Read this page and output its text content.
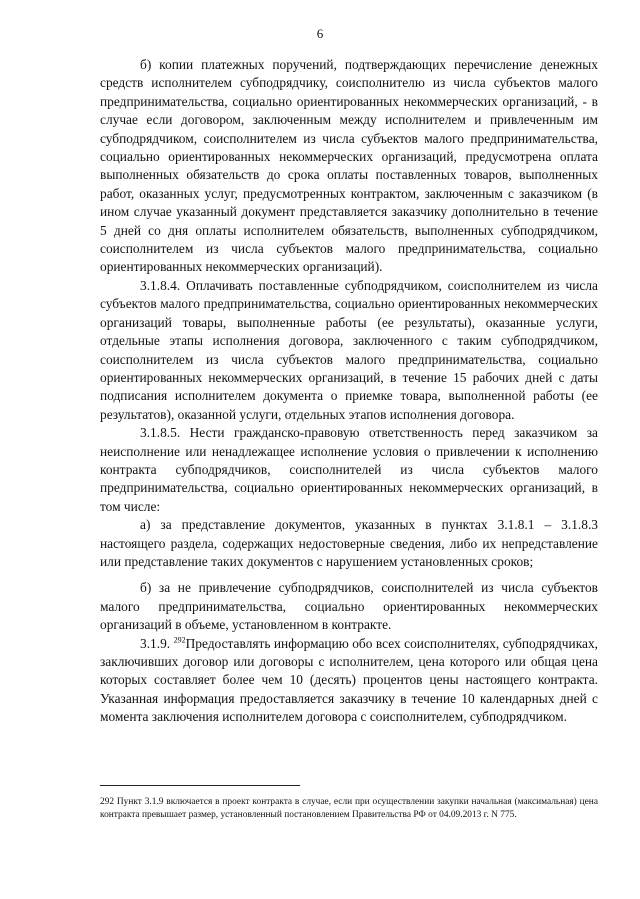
6

б) копии платежных поручений, подтверждающих перечисление денежных средств исполнителем субподрядчику, соисполнителю из числа субъектов малого предпринимательства, социально ориентированных некоммерческих организаций, - в случае если договором, заключенным между исполнителем и привлеченным им субподрядчиком, соисполнителем из числа субъектов малого предпринимательства, социально ориентированных некоммерческих организаций, предусмотрена оплата выполненных обязательств до срока оплаты поставленных товаров, выполненных работ, оказанных услуг, предусмотренных контрактом, заключенным с заказчиком (в ином случае указанный документ представляется заказчику дополнительно в течение 5 дней со дня оплаты исполнителем обязательств, выполненных субподрядчиком, соисполнителем из числа субъектов малого предпринимательства, социально ориентированных некоммерческих организаций).

3.1.8.4. Оплачивать поставленные субподрядчиком, соисполнителем из числа субъектов малого предпринимательства, социально ориентированных некоммерческих организаций товары, выполненные работы (ее результаты), оказанные услуги, отдельные этапы исполнения договора, заключенного с таким субподрядчиком, соисполнителем из числа субъектов малого предпринимательства, социально ориентированных некоммерческих организаций, в течение 15 рабочих дней с даты подписания исполнителем документа о приемке товара, выполненной работы (ее результатов), оказанной услуги, отдельных этапов исполнения договора.

3.1.8.5. Нести гражданско-правовую ответственность перед заказчиком за неисполнение или ненадлежащее исполнение условия о привлечении к исполнению контракта субподрядчиков, соисполнителей из числа субъектов малого предпринимательства, социально ориентированных некоммерческих организаций, в том числе:

а) за представление документов, указанных в пунктах 3.1.8.1 – 3.1.8.3 настоящего раздела, содержащих недостоверные сведения, либо их непредставление или представление таких документов с нарушением установленных сроков;

б) за не привлечение субподрядчиков, соисполнителей из числа субъектов малого предпринимательства, социально ориентированных некоммерческих организаций в объеме, установленном в контракте.

3.1.9. $^{292}$Предоставлять информацию обо всех соисполнителях, субподрядчиках, заключивших договор или договоры с исполнителем, цена которого или общая цена которых составляет более чем 10 (десять) процентов цены настоящего контракта. Указанная информация предоставляется заказчику в течение 10 календарных дней с момента заключения исполнителем договора с соисполнителем, субподрядчиком.

292 Пункт 3.1.9 включается в проект контракта в случае, если при осуществлении закупки начальная (максимальная) цена контракта превышает размер, установленный постановлением Правительства РФ от 04.09.2013 г. N 775.
